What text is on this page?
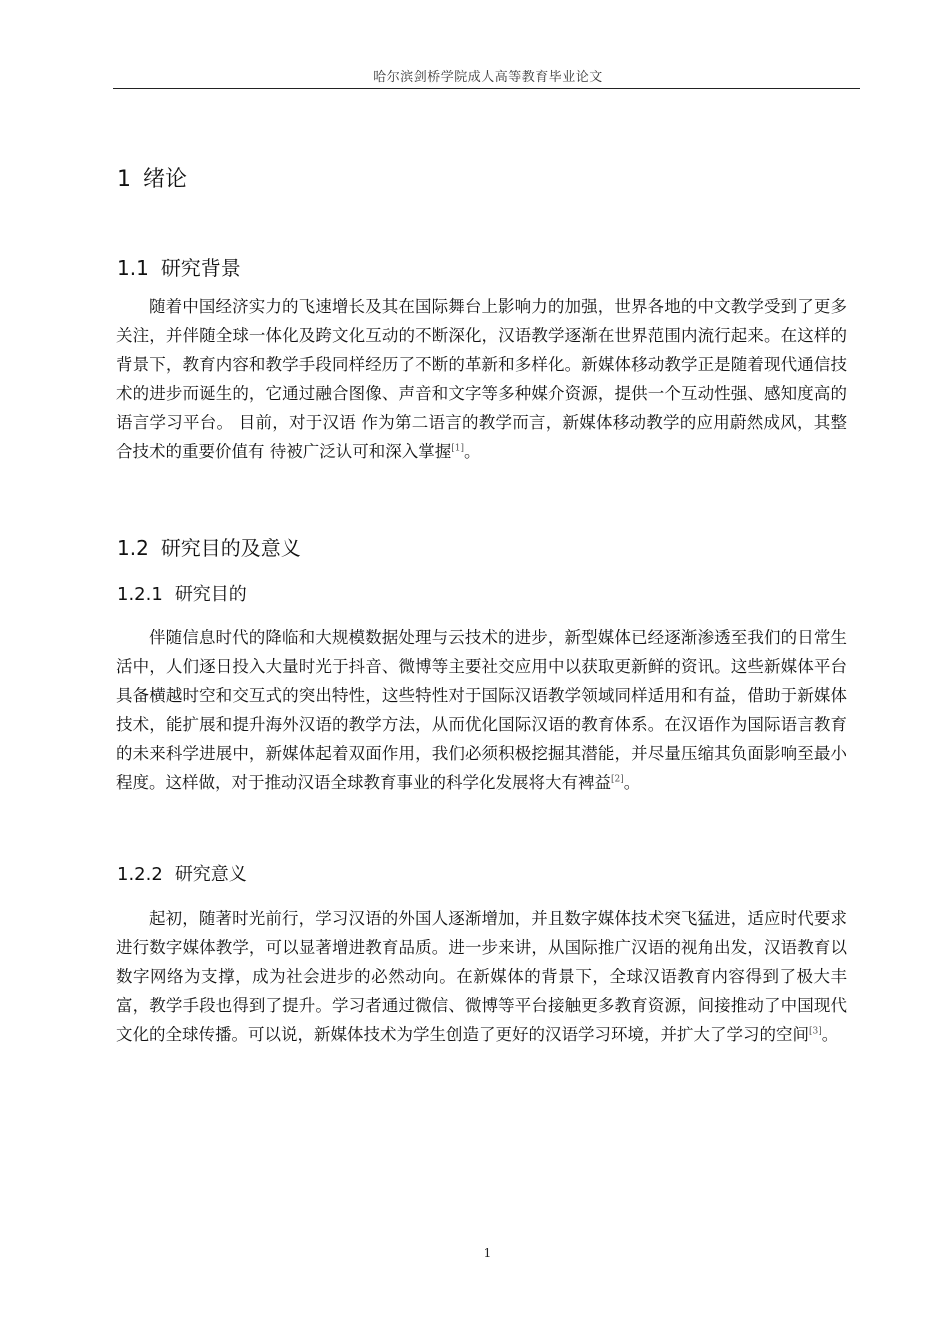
哈尔滨剑桥学院成人高等教育毕业论文
1 绪论
1.1 研究背景

随着中国经济实力的飞速增长及其在国际舞台上影响力的加强，世界各地的中文教学受到了更多关注，并伴随全球一体化及跨文化互动的不断深化，汉语教学逐渐在世界范围内流行起来。在这样的背景下，教育内容和教学手段同样经历了不断的革新和多样化。新媒体移动教学正是随着现代通信技术的进步而诞生的，它通过融合图像、声音和文字等多种媒介资源，提供一个互动性强、感知度高的语言学习平台。 目前，对于汉语 作为第二语言的教学而言，新媒体移动教学的应用蔚然成风，其整合技术的重要价值有 待被广泛认可和深入掌握[1]。

1.2 研究目的及意义
1.2.1 研究目的

伴随信息时代的降临和大规模数据处理与云技术的进步，新型媒体已经逐渐渗透至我们的日常生活中，人们逐日投入大量时光于抖音、微博等主要社交应用中以获取更新鲜的资讯。这些新媒体平台具备横越时空和交互式的突出特性，这些特性对于国际汉语教学领域同样适用和有益，借助于新媒体技术，能扩展和提升海外汉语的教学方法，从而优化国际汉语的教育体系。在汉语作为国际语言教育的未来科学进展中，新媒体起着双面作用，我们必须积极挖掘其潜能，并尽量压缩其负面影响至最小程度。这样做，对于推动汉语全球教育事业的科学化发展将大有裨益[2]。

1.2.2 研究意义

起初，随著时光前行，学习汉语的外国人逐渐增加，并且数字媒体技术突飞猛进，适应时代要求进行数字媒体教学，可以显著增进教育品质。进一步来讲，从国际推广汉语的视角出发，汉语教育以数字网络为支撑，成为社会进步的必然动向。在新媒体的背景下，全球汉语教育内容得到了极大丰富，教学手段也得到了提升。学习者通过微信、微博等平台接触更多教育资源，间接推动了中国现代文化的全球传播。可以说，新媒体技术为学生创造了更好的汉语学习环境，并扩大了学习的空间[3]。

1
